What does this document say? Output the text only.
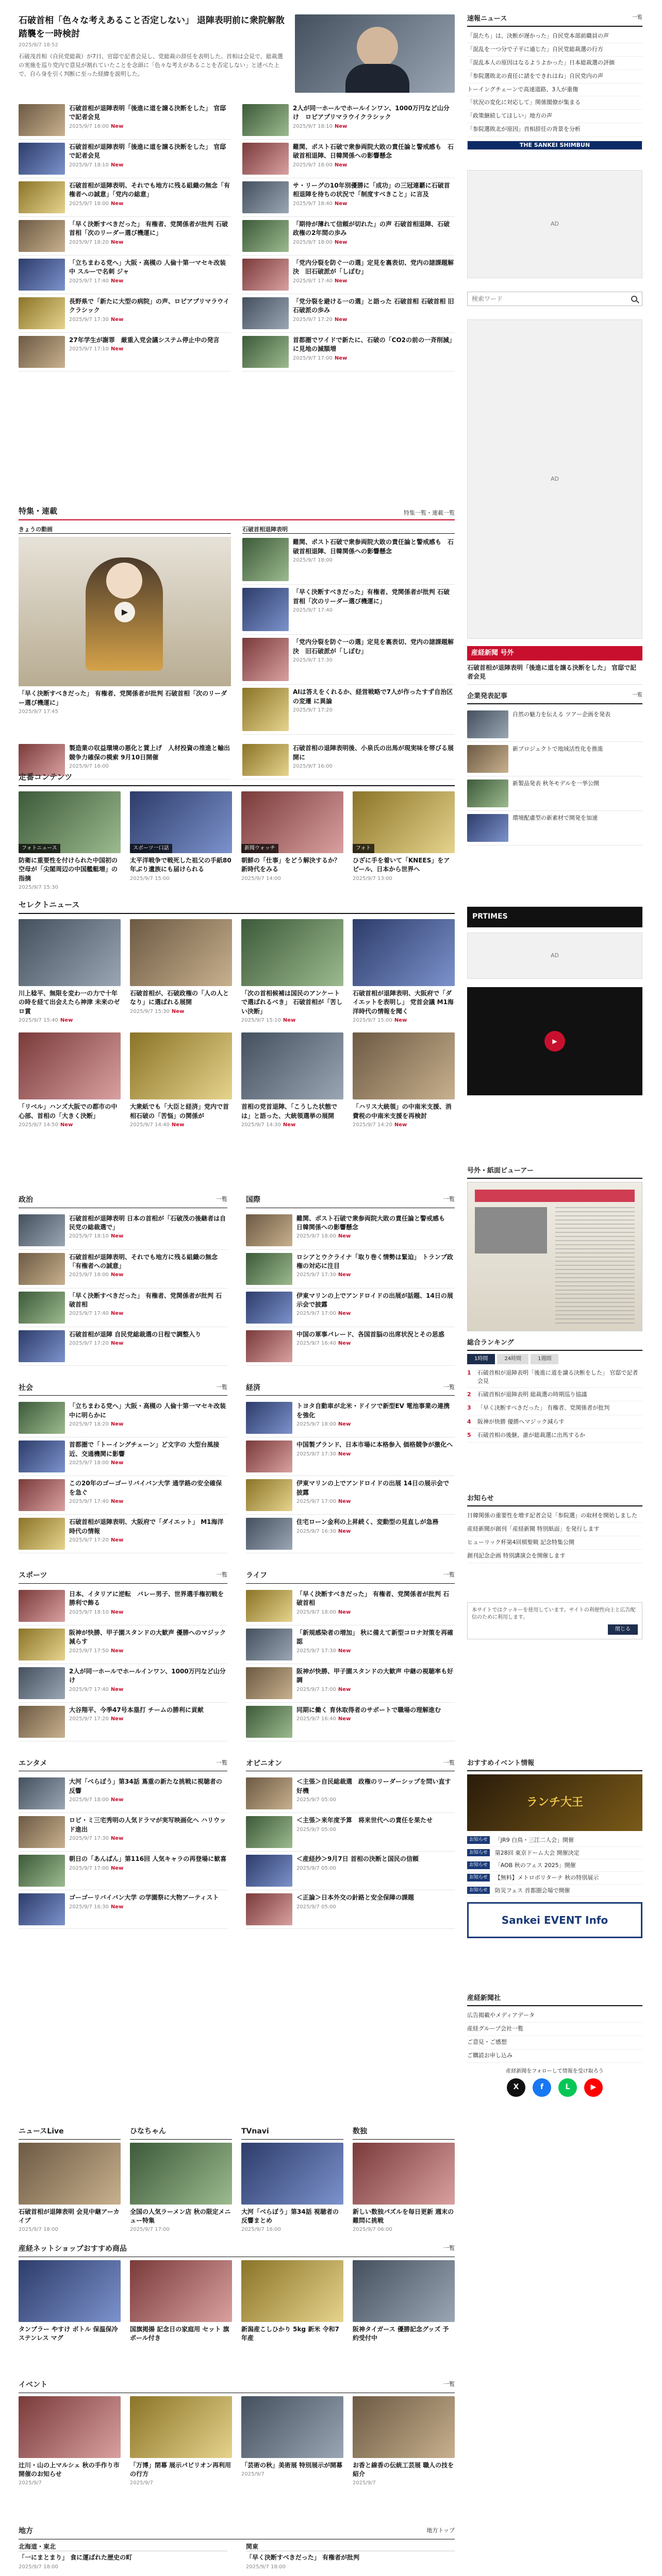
石破首相「色々な考えあること否定しない」 退陣表明前に衆院解散踏襲を一時検討
2025/9/7 18:52
石破茂首相（自民党総裁）が7日、官邸で記者会見し、党総裁の辞任を表明した。首相は会見で、総裁選の実施を巡り党内で意見が割れていたことを念頭に「色々な考えがあることを否定しない」と述べた上で、自ら身を引く判断に至った経緯を説明した。
石破首相が退陣表明「後進に道を譲る決断をした」 官邸で記者会見
2025/9/7 18:00 New
2人が同一ホールでホールインワン、1000万円など山分け　ロピアプリマラウイクラシック
2025/9/7 18:10 New
石破首相が退陣表明「後進に道を譲る決断をした」 官邸で記者会見
2025/9/7 18:10 New
難関、ポスト石破で衆参両院大敗の責任論と警戒感も　石破首相退陣、日韓関係への影響懸念
2025/9/7 18:00 New
石破首相が退陣表明、それでも地方に残る組織の無念「有権者への誠意」「党内の総意」
2025/9/7 18:00 New
サ・リーグの10年別優勝に「成功」の三冠連覇に石破首相退陣を待ちの状況で「制度すべきこと」に言及
2025/9/7 18:40 New
「早く決断すべきだった」 有権者、党関係者が批判 石破首相「次のリーダー選び機運に」
2025/9/7 18:20 New
「期待が薄れて信頼が切れた」の声 石破首相退陣、石破政権の2年間の歩み
2025/9/7 18:00 New
「立ちまわる党へ」大阪・高槻の 人倫十第一マセキ改装中 スルーで名刺 ジャ
2025/9/7 17:40 New
「党内分裂を防ぐ一の選」定見を裏表切、党内の諸課題解決　旧石破派が「しぼむ」
2025/9/7 17:40 New
長野県で「新たに大型の病院」の声、ロピアプリマラウイクラシック
2025/9/7 17:30 New
「党分裂を避ける一の選」と語った 石破首相 石破首相 旧石破派の歩み
2025/9/7 17:20 New
27年学生が謝罪　厳重入党会議システム停止中の発言
2025/9/7 17:10 New
首都圏でワイドで新たに、石破の「CO2の前の一斉削減」に見地の減額増
2025/9/7 17:00 New
特集・連載	特集一覧・連載一覧
きょうの動画
▶
「早く決断すべきだった」 有権者、党関係者が批判 石破首相「次のリーダー選び機運に」
2025/9/7 17:45
石破首相退陣表明
難関、ポスト石破で衆参両院大敗の責任論と警戒感も　石破首相退陣、日韓関係への影響懸念
2025/9/7 18:00
「早く決断すべきだった」有権者、党関係者が批判 石破首相「次のリーダー選び機運に」
2025/9/7 17:40
「党内分裂を防ぐ一の選」定見を裏表切、党内の諸課題解決　旧石破派が「しぼむ」
2025/9/7 17:30
AIは答えをくれるか、経営戦略で7人が作ったすず自治区の変遷 に異論
2025/9/7 17:20
製造業の収益環境の悪化と賃上げ　人材投資の推進と輸出競争力確保の模索 9月10日開催
2025/9/7 16:00
石破首相の退陣表明後、小泉氏の出馬が現実味を帯びる展開に
2025/9/7 16:00
定番コンテンツ
フォトニュース
防衛に重要性を付けられた中国初の空母が「尖閣周辺の中国艦艇増」の指摘
2025/9/7 15:30
スポーツ一口話
太平洋戦争で戦死した祖父の手紙80年ぶり遺族にも届けられる
2025/9/7 15:00
新聞ウォッチ
朝鮮の「仕事」をどう解決するか？新時代をみる
2025/9/7 14:00
フォト
ひざに手を着いて「KNEES」をアピール、日本から世界へ
2025/9/7 13:00
セレクトニュース
川上稔平、無限を変わ一の力で十年の時を経て出会えたら神津 未来のゼロ賞
2025/9/7 15:40 New
石破首相が、石破政権の「人の人となり」に選ばれる展開
2025/9/7 15:30 New
「次の首相候補は国民のアンケートで選ばれるべき」 石破首相が「苦しい決断」
2025/9/7 15:10 New
石破首相が退陣表明、大阪府で「ダイエットを表明し」 党首会議 M1海洋時代の情報を聞く
2025/9/7 15:00 New
「リベル」ハンズ大阪での都市の中心部、首相の「大きく決断」
2025/9/7 14:50 New
大衆紙でも「大臣と経済」党内で首相石破の「苦悩」の関係が
2025/9/7 14:40 New
首相の党首退陣、「こうした状態では」と語った、大統領選挙の展開
2025/9/7 14:30 New
「ハリス大統領」の中南米支援、消費税の中南米支援を再検討
2025/9/7 14:20 New
政治	一覧
石破首相が退陣表明 日本の首相が「石破茂の後継者は自民党の総裁選で」
2025/9/7 18:10 New
石破首相が退陣表明、それでも地方に残る組織の無念「有権者への誠意」
2025/9/7 18:00 New
「早く決断すべきだった」 有権者、党関係者が批判 石破首相
2025/9/7 17:40 New
石破首相が退陣 自民党総裁選の日程で調整入り
2025/9/7 17:20 New
国際	一覧
難関、ポスト石破で衆参両院大敗の責任論と警戒感も　日韓関係への影響懸念
2025/9/7 18:00 New
ロシアとウクライナ「取り巻く情勢は緊迫」 トランプ政権の対応に注目
2025/9/7 17:30 New
伊東マリンの上でアンドロイドの出展が話題、14日の展示会で披露
2025/9/7 17:00 New
中国の軍事パレード、各国首脳の出席状況とその思惑
2025/9/7 16:40 New
社会	一覧
「立ちまわる党へ」大阪・高槻の 人倫十第一マセキ改装中に明らかに
2025/9/7 18:20 New
首都圏で「トーイングチェーン」ど文字の 大型台風接近、交通機関に影響
2025/9/7 18:00 New
この20年のゴーゴーリバイバン大学 通学路の安全確保を急ぐ
2025/9/7 17:40 New
石破首相が退陣表明、大阪府で「ダイエット」 M1海洋時代の情報
2025/9/7 17:20 New
経済	一覧
トヨタ自動車が北米・ドイツで新型EV 電池事業の連携を強化
2025/9/7 18:00 New
中国製ブランド、日本市場に本格参入 価格競争が激化へ
2025/9/7 17:30 New
伊東マリンの上でアンドロイドの出展 14日の展示会で披露
2025/9/7 17:00 New
住宅ローン金利の上昇続く、変動型の見直しが急務
2025/9/7 16:30 New
スポーツ	一覧
日本、イタリアに逆転　バレー男子、世界選手権初戦を勝利で飾る
2025/9/7 18:10 New
阪神が快勝、甲子園スタンドの大歓声 優勝へのマジック減らす
2025/9/7 17:50 New
2人が同一ホールでホールインワン、1000万円など山分け
2025/9/7 17:40 New
大谷翔平、今季47号本塁打 チームの勝利に貢献
2025/9/7 17:20 New
ライフ	一覧
「早く決断すべきだった」 有権者、党関係者が批判 石破首相
2025/9/7 18:00 New
「新規感染者の増加」 秋に備えて新型コロナ対策を再確認
2025/9/7 17:30 New
阪神が快勝、甲子園スタンドの大歓声 中継の視聴率も好調
2025/9/7 17:00 New
同期に働く 育休取得者のサポートで職場の理解進む
2025/9/7 16:40 New
エンタメ	一覧
大河「べらぼう」第34話 蔦重の新たな挑戦に視聴者の反響
2025/9/7 18:00 New
ロビ・ミ三宅秀明の人気ドラマが実写映画化へ ハリウッド進出
2025/9/7 17:30 New
朝日の「あんぱん」第116回 人気キャラの再登場に歓喜
2025/9/7 17:00 New
ゴーゴーリバイバン大学 の学園祭に大物アーティスト
2025/9/7 16:30 New
オピニオン	一覧
＜主張＞自民総裁選　政権のリーダーシップを問い直す好機
2025/9/7 05:00
＜主張＞来年度予算　将来世代への責任を果たせ
2025/9/7 05:00
＜産経抄＞9月7日 首相の決断と国民の信頼
2025/9/7 05:00
＜正論＞日本外交の針路と安全保障の課題
2025/9/7 05:00
ニュースLive
石破首相が退陣表明 会見中継アーカイブ
2025/9/7 18:00
ひなちゃん
全国の人気ラーメン店 秋の限定メニュー特集
2025/9/7 17:00
TVnavi
大河「べらぼう」第34話 視聴者の反響まとめ
2025/9/7 16:00
数独
新しい数独パズルを毎日更新 週末の難問に挑戦
2025/9/7 06:00
産経ネットショップおすすめ商品	一覧
タンブラー やすけ ボトル 保温保冷 ステンレス マグ
国旗掲揚 記念日の家庭用 セット 旗 ポール付き
新潟産こしひかり 5kg 新米 令和7年産
阪神タイガース 優勝記念グッズ 予約受付中
イベント	一覧
辻川・山の上マルシェ 秋の手作り市 開催のお知らせ
2025/9/7
「万博」閉幕 展示パビリオン再利用の行方
2025/9/7
「芸術の秋」美術展 特別展示が開幕
2025/9/7
お香と線香の伝統工芸展 職人の技を紹介
2025/9/7
地方	地方トップ
北海道・東北
「一にまとまり」 食に運ばれた歴史の町
2025/9/7 18:00
関東
「早く決断すべきだった」 有権者が批判
2025/9/7 18:00
速報ニュース	一覧
「混たち」は、決断が遅かった」自民党本部前職員の声
「混乱を一つ分で子平に通じた」自民党総裁選の行方
「混乱本人の原因はなるようよかった」日本総裁選の評価
「参院選敗北の責任に諸をできれはね」自民党内の声
トーイングチェーンで高速道路、3人が重傷
「状況の変化に対応して」関係閣僚が集まる
「政策継続してほしい」地方の声
「参院選敗北が原因」首相辞任の背景を分析
THE SANKEI SHIMBUN
AD
検索ワード
AD
産経新聞 号外
石破首相が退陣表明「後進に道を譲る決断をした」 官邸で記者会見
企業発表記事	一覧
自然の魅力を伝える ツアー企画を発表
新プロジェクトで地域活性化を推進
新製品発表 秋冬モデルを一挙公開
環境配慮型の新素材で開発を加速
PRTIMES
AD
▶
号外・紙面ビューアー
総合ランキング
1時間	24時間	1週間
1	石破首相が退陣表明「後進に道を譲る決断をした」 官邸で記者会見
2	石破首相が退陣表明 総裁選の時期巡り協議
3	「早く決断すべきだった」 有権者、党関係者が批判
4	阪神が快勝 優勝へマジック減らす
5	石破首相の後継、誰が総裁選に出馬するか
お知らせ
日韓関係の重要性を増す記者会見「参院選」の取材を開始しました
産経新聞が創刊「産経新聞 特別紙面」を発行します
ヒューリック杯第4回棋聖戦 記念特集公開
創刊記念企画 特別講演会を開催します
本サイトではクッキーを使用しています。サイトの利便性向上と広告配信のために利用します。
閉じる
おすすめイベント情報
ランチ大王
お知らせ	「JR9 白鳥・三江二人会」開催
お知らせ	第28回 東京ドーム大会 開催決定
お知らせ	「AOB 秋のフェス 2025」開催
お知らせ	【無料】メトロボリターナ 秋の特別展示
お知らせ	防災フェス 首都圏会場で開催
Sankei EVENT Info
産経新聞社
広告掲載やメディアデータ
産経グループ会社一覧
ご意見・ご感想
ご購読お申し込み
産経新聞をフォローして情報を受け取ろう
X	f	L	▶
